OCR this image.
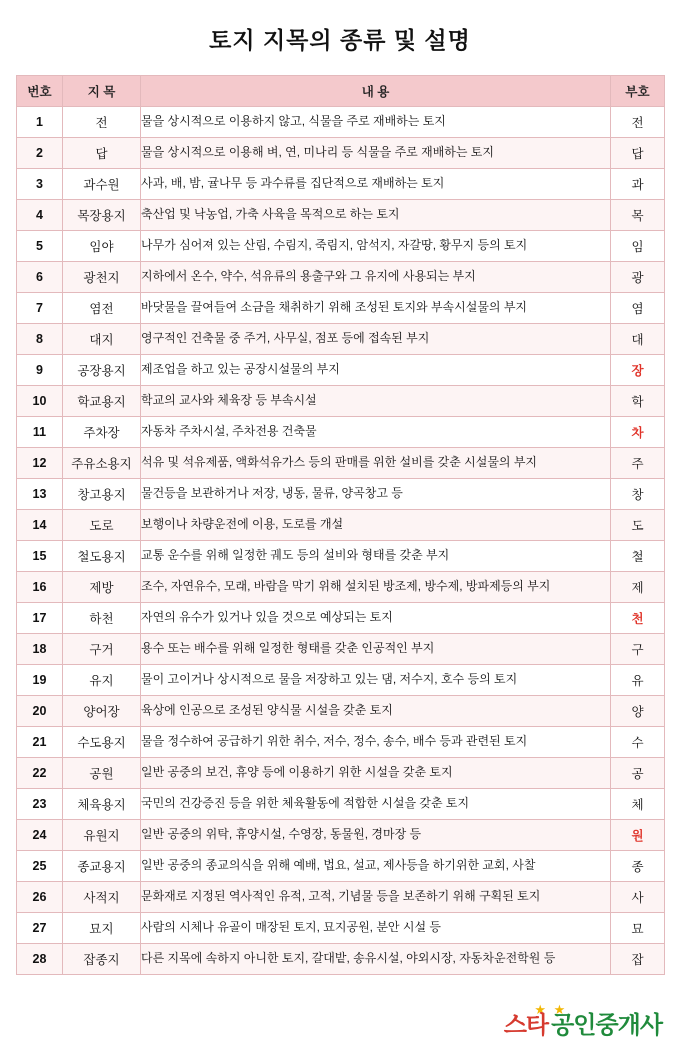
토지 지목의 종류 및 설명
번호	지 목	내 용	부호
1	전	물을 상시적으로 이용하지 않고, 식물을 주로 재배하는 토지	전
2	답	물을 상시적으로 이용해 벼, 연, 미나리 등 식물을 주로 재배하는 토지	답
3	과수원	사과, 배, 밤, 귤나무 등 과수류를 집단적으로 재배하는 토지	과
4	목장용지	축산업 및 낙농업, 가축 사육을 목적으로 하는 토지	목
5	임야	나무가 심어져 있는 산림, 수림지, 죽림지, 암석지, 자갈땅, 황무지 등의 토지	임
6	광천지	지하에서 온수, 약수, 석유류의 용출구와 그 유지에 사용되는 부지	광
7	염전	바닷물을 끌여들여 소금을 채취하기 위해 조성된 토지와 부속시설물의 부지	염
8	대지	영구적인 건축물 중 주거, 사무실, 점포 등에 접속된 부지	대
9	공장용지	제조업을 하고 있는 공장시설물의 부지	장
10	학교용지	학교의 교사와 체육장 등 부속시설	학
11	주차장	자동차 주차시설, 주차전용 건축물	차
12	주유소용지	석유 및 석유제품, 액화석유가스 등의 판매를 위한 설비를 갖춘 시설물의 부지	주
13	창고용지	물건등을 보관하거나 저장, 냉동, 물류, 양곡창고 등	창
14	도로	보행이나 차량운전에 이용, 도로를 개설	도
15	철도용지	교통 운수를 위해 일정한 궤도 등의 설비와 형태를 갖춘 부지	철
16	제방	조수, 자연유수, 모래, 바람을 막기 위해 설치된 방조제, 방수제, 방파제등의 부지	제
17	하천	자연의 유수가 있거나 있을 것으로 예상되는 토지	천
18	구거	용수 또는 배수를 위해 일정한 형태를 갖춘 인공적인 부지	구
19	유지	물이 고이거나 상시적으로 물을 저장하고 있는 댐, 저수지, 호수 등의 토지	유
20	양어장	육상에 인공으로 조성된 양식물 시설을 갖춘 토지	양
21	수도용지	물을 정수하여 공급하기 위한 취수, 저수, 정수, 송수, 배수 등과 관련된 토지	수
22	공원	일반 공중의 보건, 휴양 등에 이용하기 위한 시설을 갖춘 토지	공
23	체육용지	국민의 건강증진 등을 위한 체육활동에 적합한 시설을 갖춘 토지	체
24	유원지	일반 공중의 위탁, 휴양시설, 수영장, 동물원, 경마장 등	원
25	종교용지	일반 공중의 종교의식을 위해 예배, 법요, 설교, 제사등을 하기위한 교회, 사찰	종
26	사적지	문화재로 지정된 역사적인 유적, 고적, 기념물 등을 보존하기 위해 구획된 토지	사
27	묘지	사람의 시체나 유골이 매장된 토지, 묘지공원, 분안 시설 등	묘
28	잡종지	다른 지목에 속하지 아니한 토지, 갈대밭, 송유시설, 야외시장, 자동차운전학원 등	잡
★ ★
스타 공인중개사
